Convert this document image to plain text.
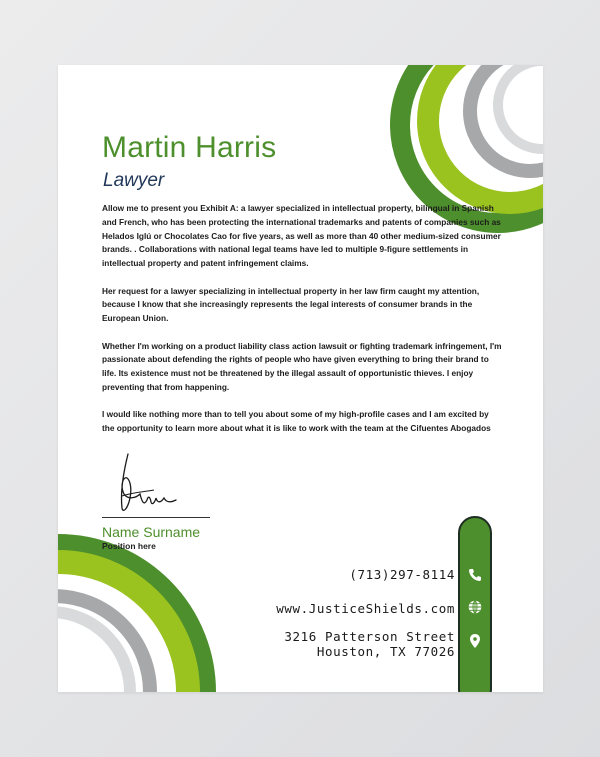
Martin Harris
Lawyer

Allow me to present you Exhibit A: a lawyer specialized in intellectual property, bilingual in Spanish and French, who has been protecting the international trademarks and patents of companies such as Helados Iglú or Chocolates Cao for five years, as well as more than 40 other medium-sized consumer brands. . Collaborations with national legal teams have led to multiple 9-figure settlements in intellectual property and patent infringement claims.

Her request for a lawyer specializing in intellectual property in her law firm caught my attention, because I know that she increasingly represents the legal interests of consumer brands in the European Union.

Whether I'm working on a product liability class action lawsuit or fighting trademark infringement, I'm passionate about defending the rights of people who have given everything to bring their brand to life. Its existence must not be threatened by the illegal assault of opportunistic thieves. I enjoy preventing that from happening.

I would like nothing more than to tell you about some of my high-profile cases and I am excited by the opportunity to learn more about what it is like to work with the team at the Cifuentes Abogados

Name Surname
Position here
(713)297-8114
www.JusticeShields.com
3216 Patterson Street
Houston, TX 77026
